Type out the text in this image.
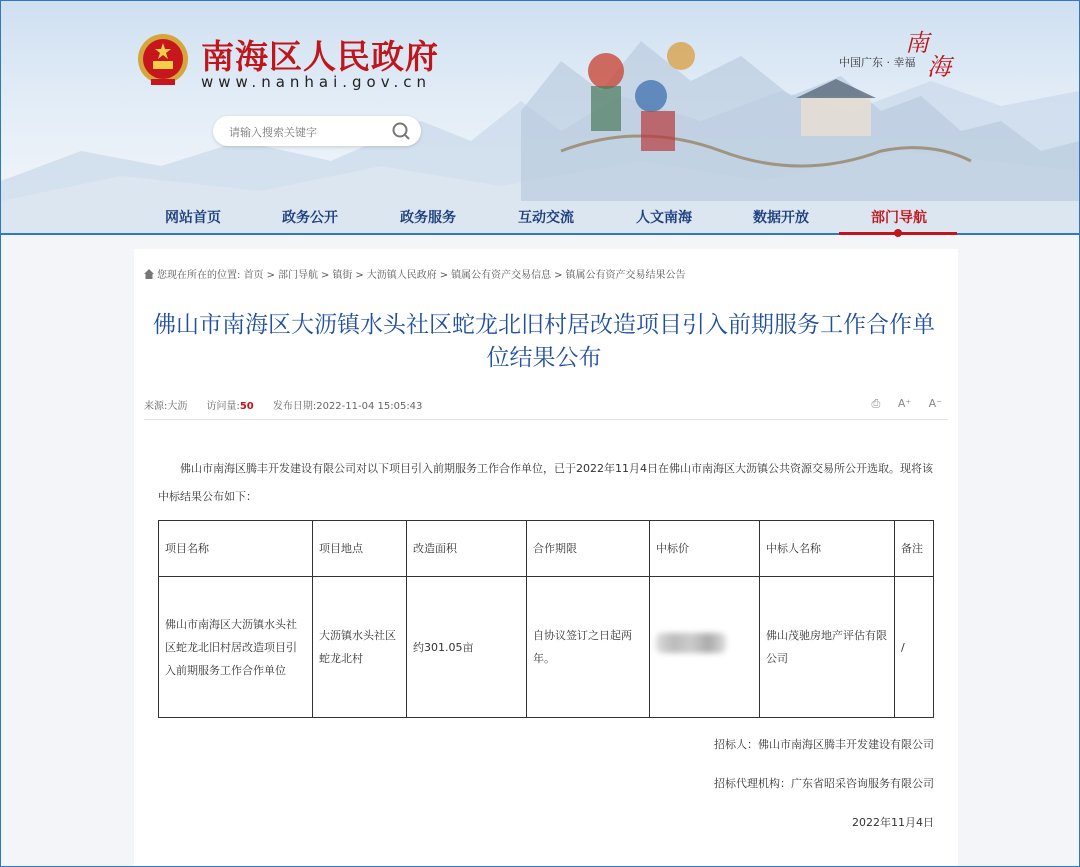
南海区人民政府
www.nanhai.gov.cn
中国广东 · 幸福
南
海
请输入搜索关键字
网站首页	政务公开	政务服务	互动交流	人文南海	数据开放	部门导航
您现在所在的位置: 首页 > 部门导航 > 镇街 > 大沥镇人民政府 > 镇属公有资产交易信息 > 镇属公有资产交易结果公告
佛山市南海区大沥镇水头社区蛇龙北旧村居改造项目引入前期服务工作合作单位结果公布
来源:大沥 访问量:50 发布日期:2022-11-04 15:05:43	⎙ A⁺ A⁻
佛山市南海区腾丰开发建设有限公司对以下项目引入前期服务工作合作单位，已于2022年11月4日在佛山市南海区大沥镇公共资源交易所公开选取。现将该中标结果公布如下：
项目名称	项目地点	改造面积	合作期限	中标价	中标人名称	备注
佛山市南海区大沥镇水头社区蛇龙北旧村居改造项目引入前期服务工作合作单位	大沥镇水头社区蛇龙北村	约301.05亩	自协议签订之日起两年。		佛山茂驰房地产评估有限公司	/
招标人：佛山市南海区腾丰开发建设有限公司
招标代理机构：广东省昭采咨询服务有限公司
2022年11月4日
